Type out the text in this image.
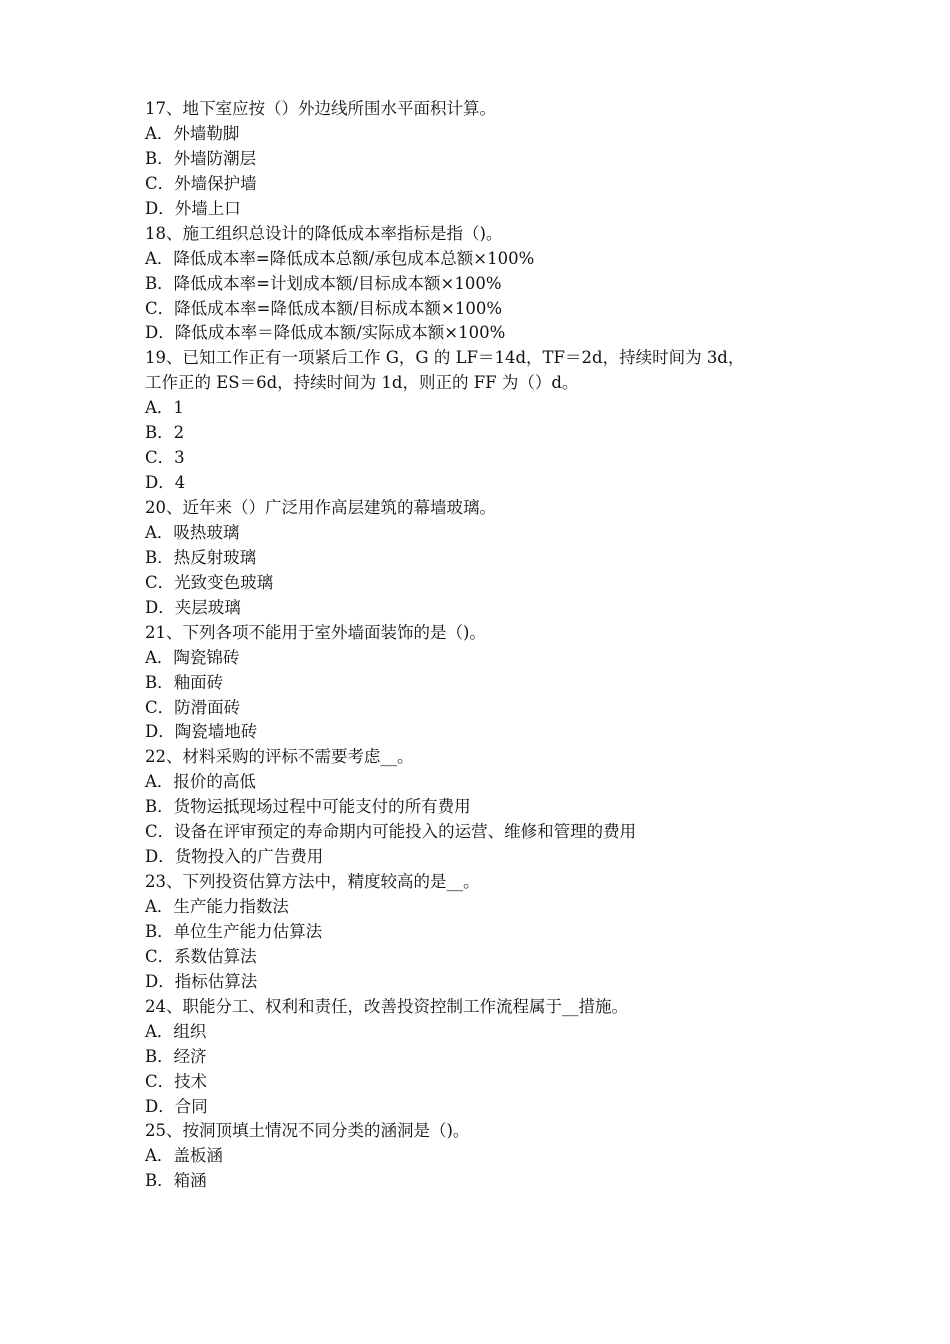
17、地下室应按（）外边线所围水平面积计算。
A．外墙勒脚
B．外墙防潮层
C．外墙保护墙
D．外墙上口
18、施工组织总设计的降低成本率指标是指（)。
A．降低成本率=降低成本总额/承包成本总额×100%
B．降低成本率=计划成本额/目标成本额×100%
C．降低成本率=降低成本额/目标成本额×100%
D．降低成本率＝降低成本额/实际成本额×100%
19、已知工作正有一项紧后工作 G，G 的 LF＝14d，TF＝2d，持续时间为 3d，
工作正的 ES＝6d，持续时间为 1d，则正的 FF 为（）d。
A．1
B．2
C．3
D．4
20、近年来（）广泛用作高层建筑的幕墙玻璃。
A．吸热玻璃
B．热反射玻璃
C．光致变色玻璃
D．夹层玻璃
21、下列各项不能用于室外墙面装饰的是（)。
A．陶瓷锦砖
B．釉面砖
C．防滑面砖
D．陶瓷墙地砖
22、材料采购的评标不需要考虑__。
A．报价的高低
B．货物运抵现场过程中可能支付的所有费用
C．设备在评审预定的寿命期内可能投入的运营、维修和管理的费用
D．货物投入的广告费用
23、下列投资估算方法中，精度较高的是__。
A．生产能力指数法
B．单位生产能力估算法
C．系数估算法
D．指标估算法
24、职能分工、权利和责任，改善投资控制工作流程属于__措施。
A．组织
B．经济
C．技术
D．合同
25、按洞顶填土情况不同分类的涵洞是（)。
A．盖板涵
B．箱涵
